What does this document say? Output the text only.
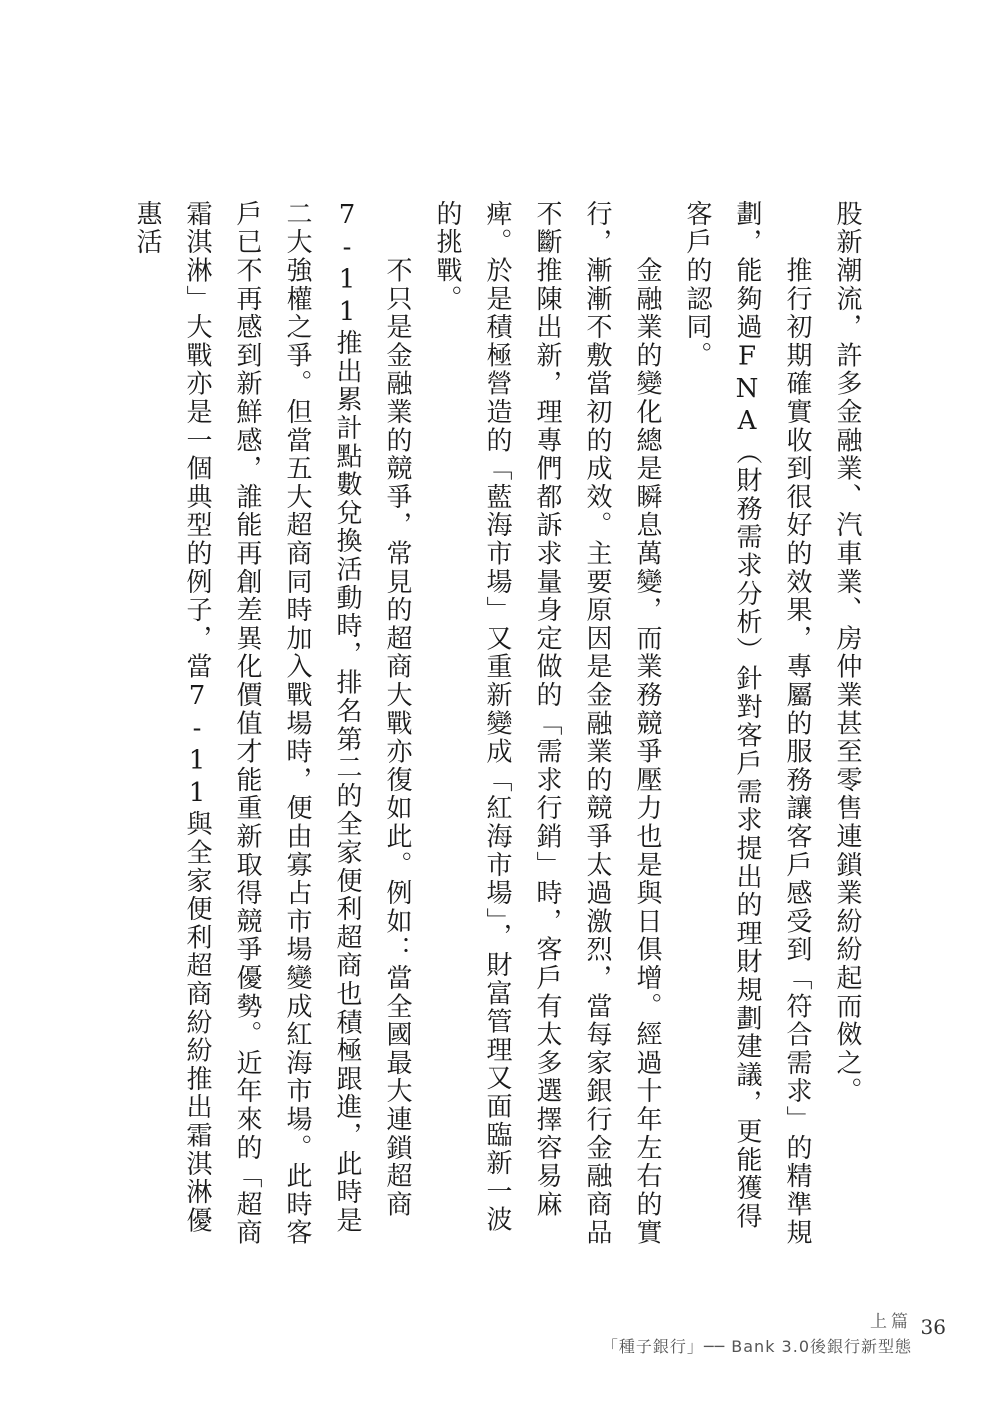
股新潮流，許多金融業、汽車業、房仲業甚至零售連鎖業紛紛起而傚之。

　　推行初期確實收到很好的效果，專屬的服務讓客戶感受到「符合需求」的精準規劃，能夠過FNA（財務需求分析）針對客戶需求提出的理財規劃建議，更能獲得客戶的認同。

　　金融業的變化總是瞬息萬變，而業務競爭壓力也是與日俱增。經過十年左右的實行，漸漸不敷當初的成效。主要原因是金融業的競爭太過激烈，當每家銀行金融商品不斷推陳出新，理專們都訴求量身定做的「需求行銷」時，客戶有太多選擇容易麻痺。於是積極營造的「藍海市場」又重新變成「紅海市場」，財富管理又面臨新一波的挑戰。

　　不只是金融業的競爭，常見的超商大戰亦復如此。例如：當全國最大連鎖超商7-11推出累計點數兌換活動時，排名第二的全家便利超商也積極跟進，此時是二大強權之爭。但當五大超商同時加入戰場時，便由寡占市場變成紅海市場。此時客戶已不再感到新鮮感，誰能再創差異化價值才能重新取得競爭優勢。近年來的「超商霜淇淋」大戰亦是一個典型的例子，當7-11與全家便利超商紛紛推出霜淇淋優惠活

上篇
「種子銀行」── Bank 3.0後銀行新型態
36
